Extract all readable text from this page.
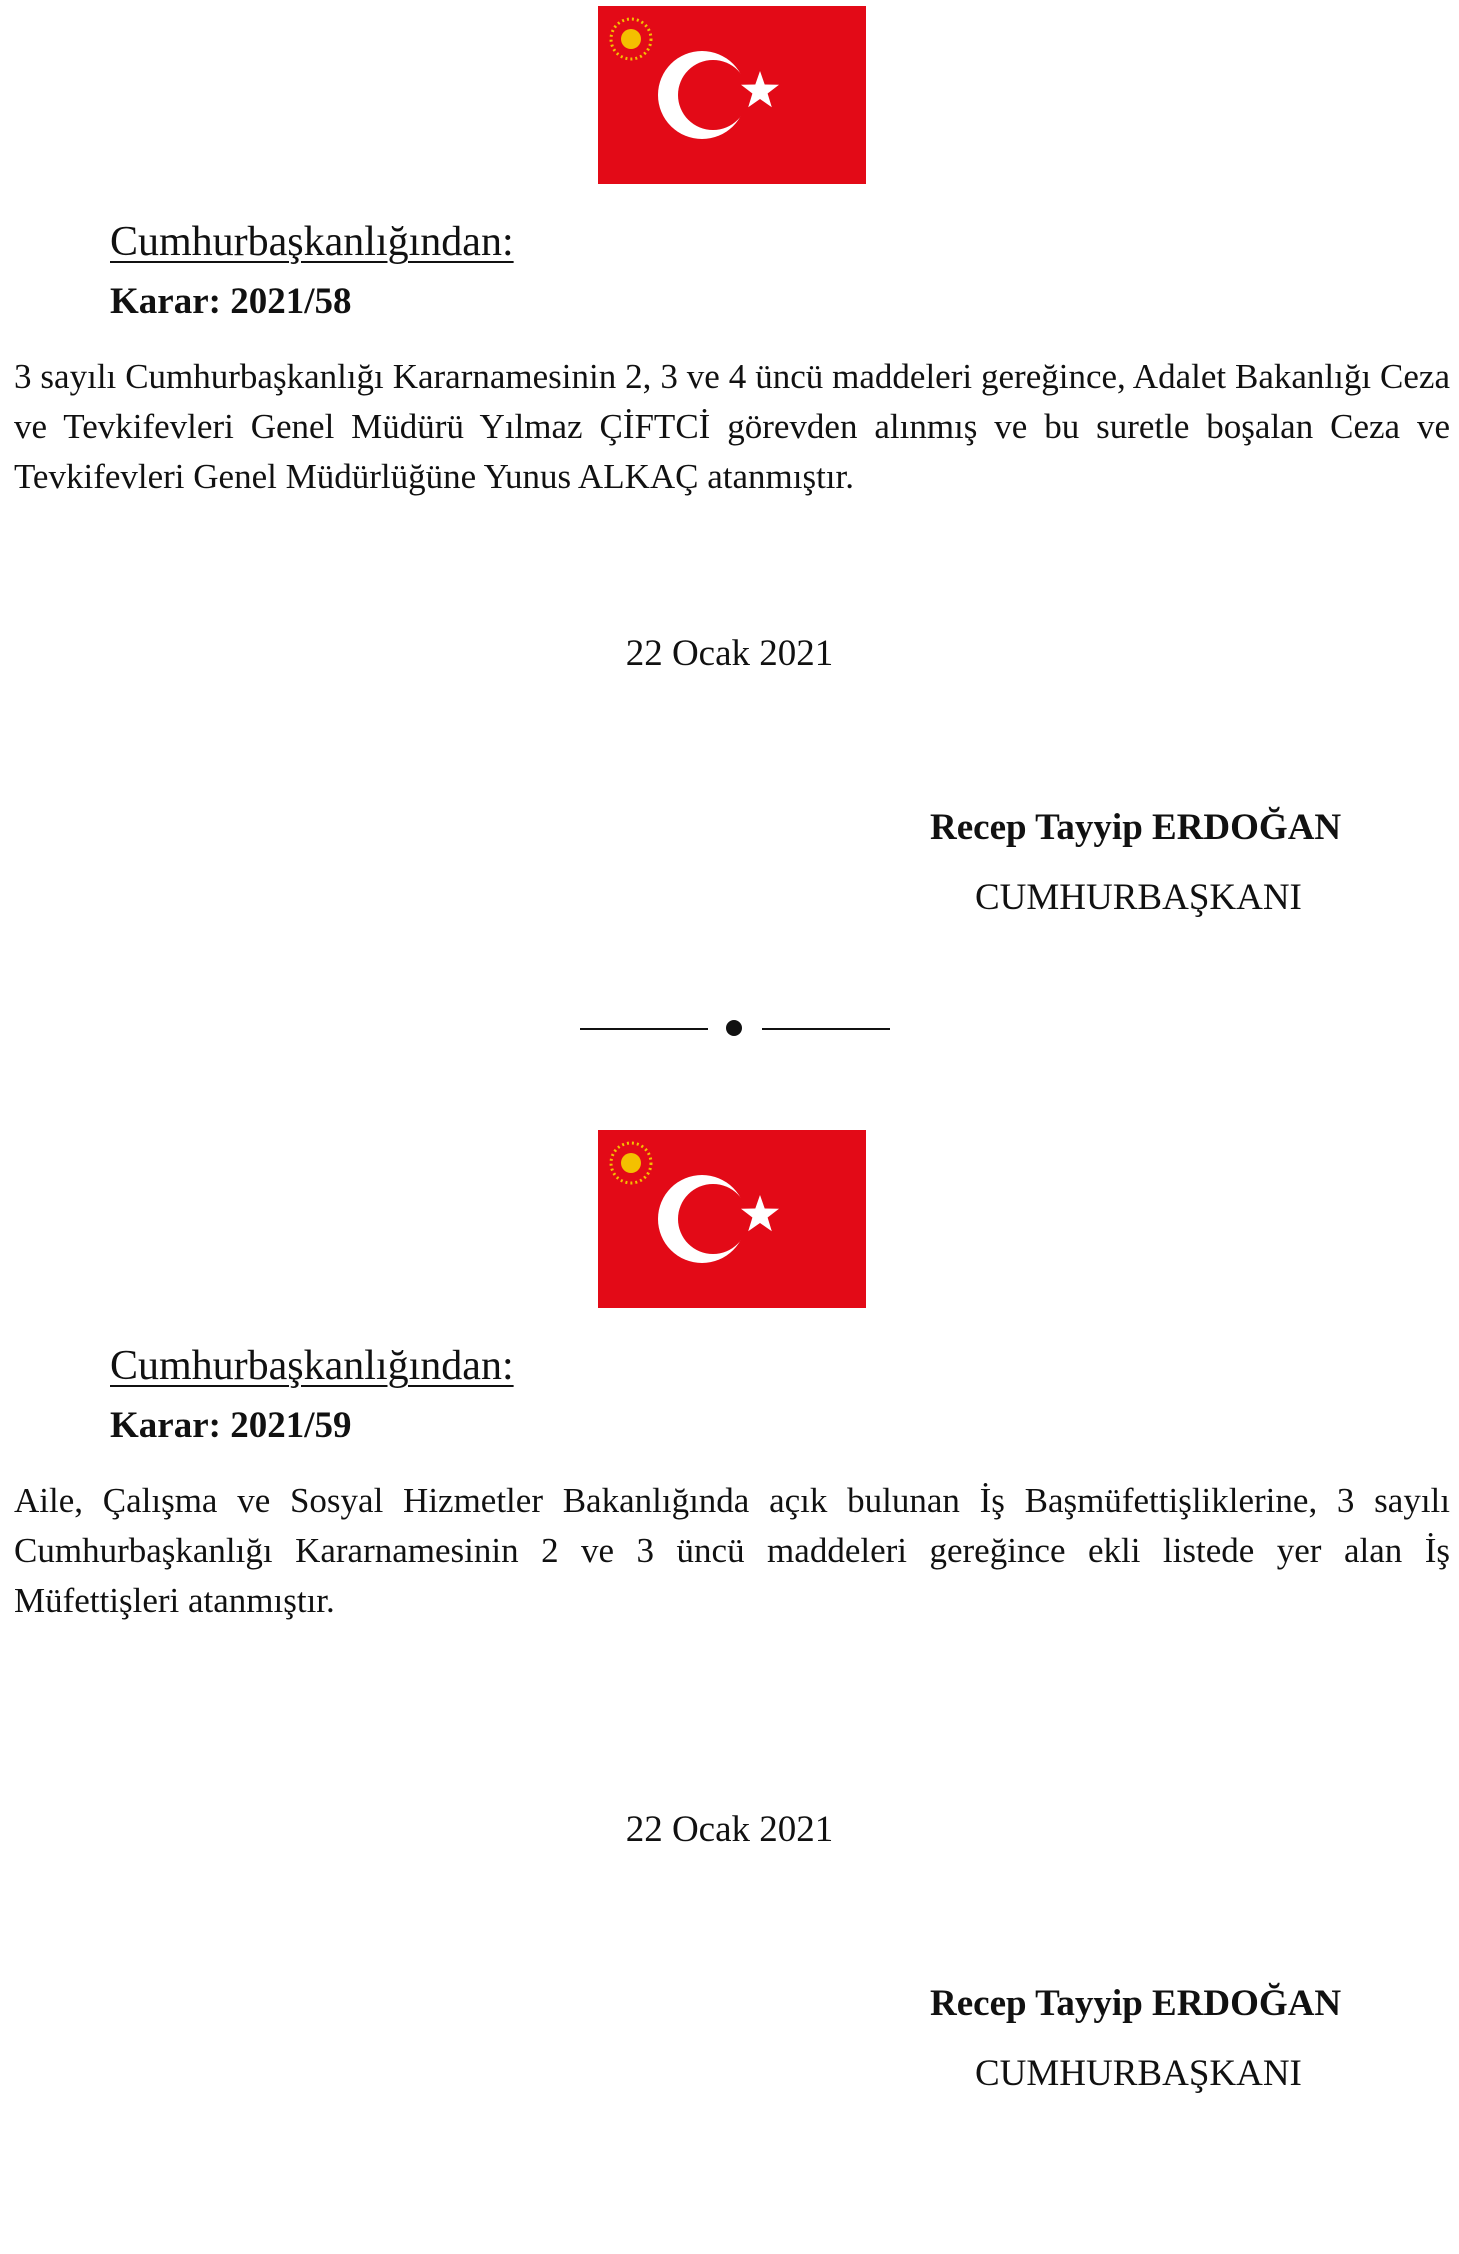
Cumhurbaşkanlığından:
Karar: 2021/58

3 sayılı Cumhurbaşkanlığı Kararnamesinin 2, 3 ve 4 üncü maddeleri gereğince, Adalet Bakanlığı Ceza ve Tevkifevleri Genel Müdürü Yılmaz ÇİFTCİ görevden alınmış ve bu suretle boşalan Ceza ve Tevkifevleri Genel Müdürlüğüne Yunus ALKAÇ atanmıştır.

22 Ocak 2021
Recep Tayyip ERDOĞAN
CUMHURBAŞKANI
Cumhurbaşkanlığından:
Karar: 2021/59

Aile, Çalışma ve Sosyal Hizmetler Bakanlığında açık bulunan İş Başmüfettişliklerine, 3 sayılı Cumhurbaşkanlığı Kararnamesinin 2 ve 3 üncü maddeleri gereğince ekli listede yer alan İş Müfettişleri atanmıştır.

22 Ocak 2021
Recep Tayyip ERDOĞAN
CUMHURBAŞKANI
